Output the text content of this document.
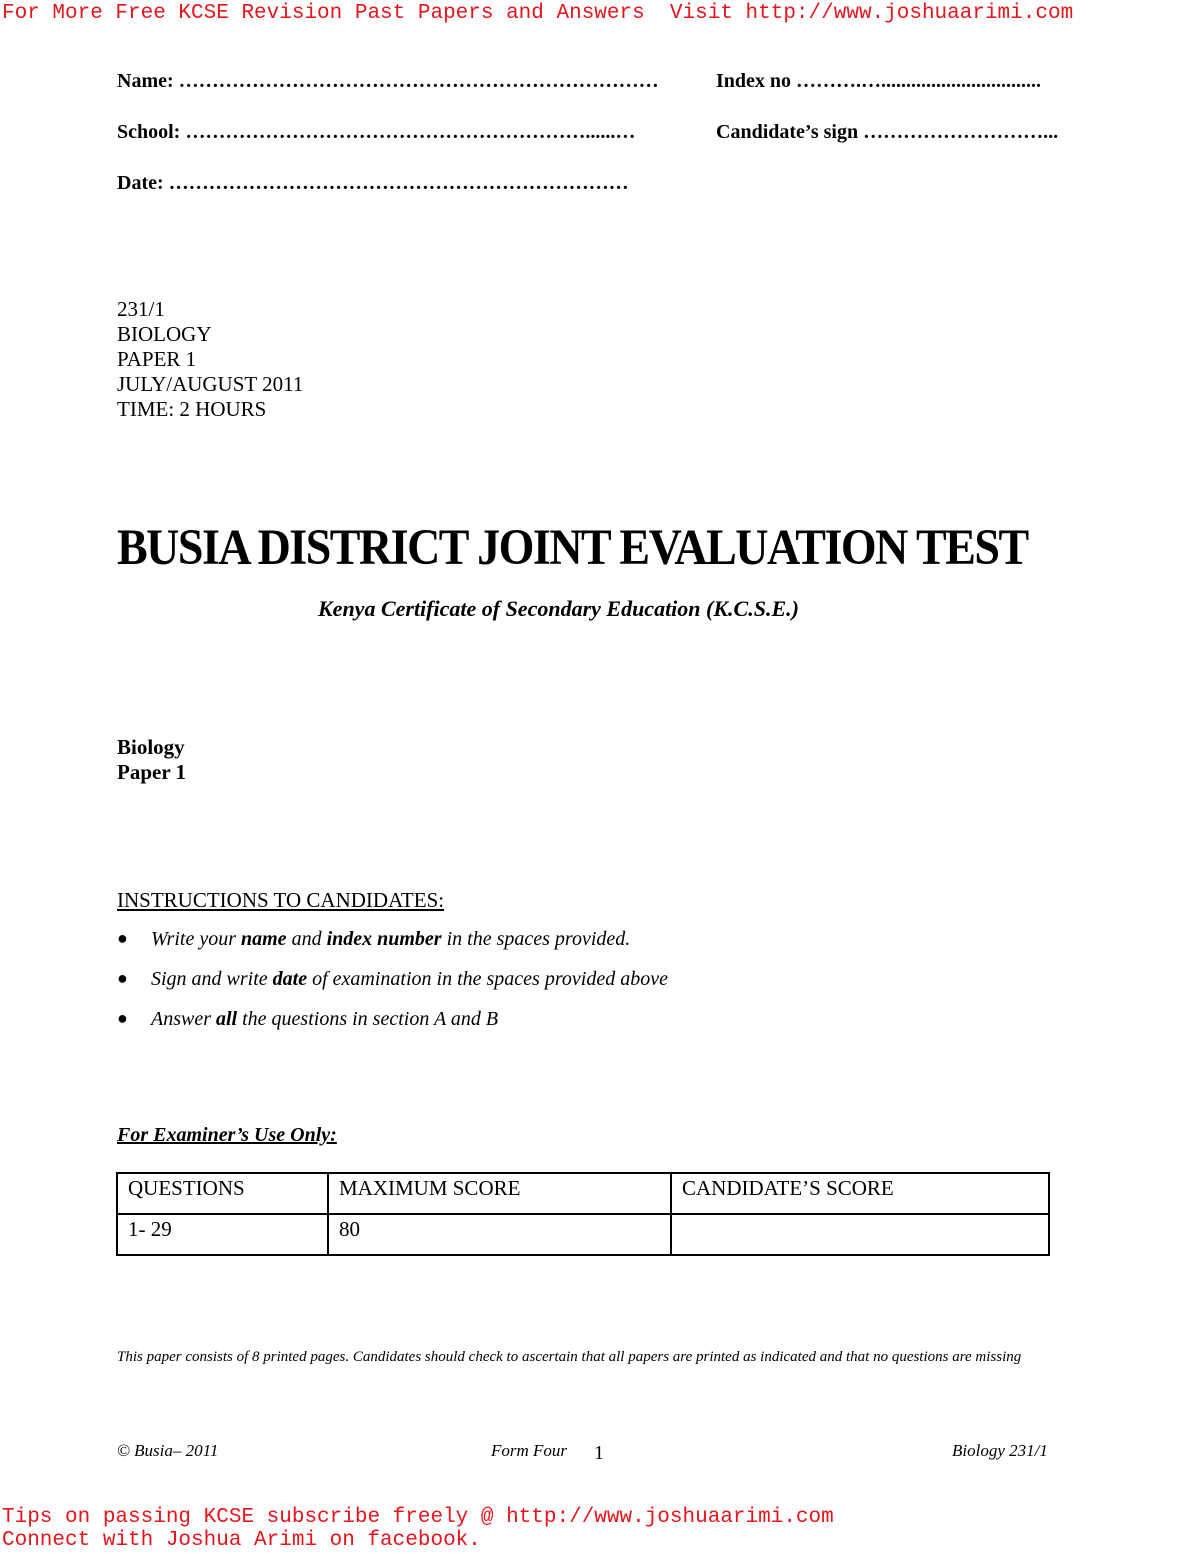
For More Free KCSE Revision Past Papers and Answers  Visit http://www.joshuaarimi.com
Name: ………………………………………………………………	Index no ……….…................................
School: ……………………………………………………......…	Candidate’s sign ………………………...
Date: ……………………………………………………………
231/1
BIOLOGY
PAPER 1
JULY/AUGUST 2011
TIME: 2 HOURS
BUSIA DISTRICT JOINT EVALUATION TEST
Kenya Certificate of Secondary Education (K.C.S.E.)
Biology
Paper 1
INSTRUCTIONS TO CANDIDATES:
● Write your name and index number in the spaces provided.
● Sign and write date of examination in the spaces provided above
● Answer all the questions in section A and B
For Examiner’s Use Only:
QUESTIONS	MAXIMUM SCORE	CANDIDATE’S SCORE
1- 29	80	
This paper consists of 8 printed pages. Candidates should check to ascertain that all papers are printed as indicated and that no questions are missing
© Busia– 2011	Form Four 1	Biology 231/1
Tips on passing KCSE subscribe freely @ http://www.joshuaarimi.com
Connect with Joshua Arimi on facebook.
